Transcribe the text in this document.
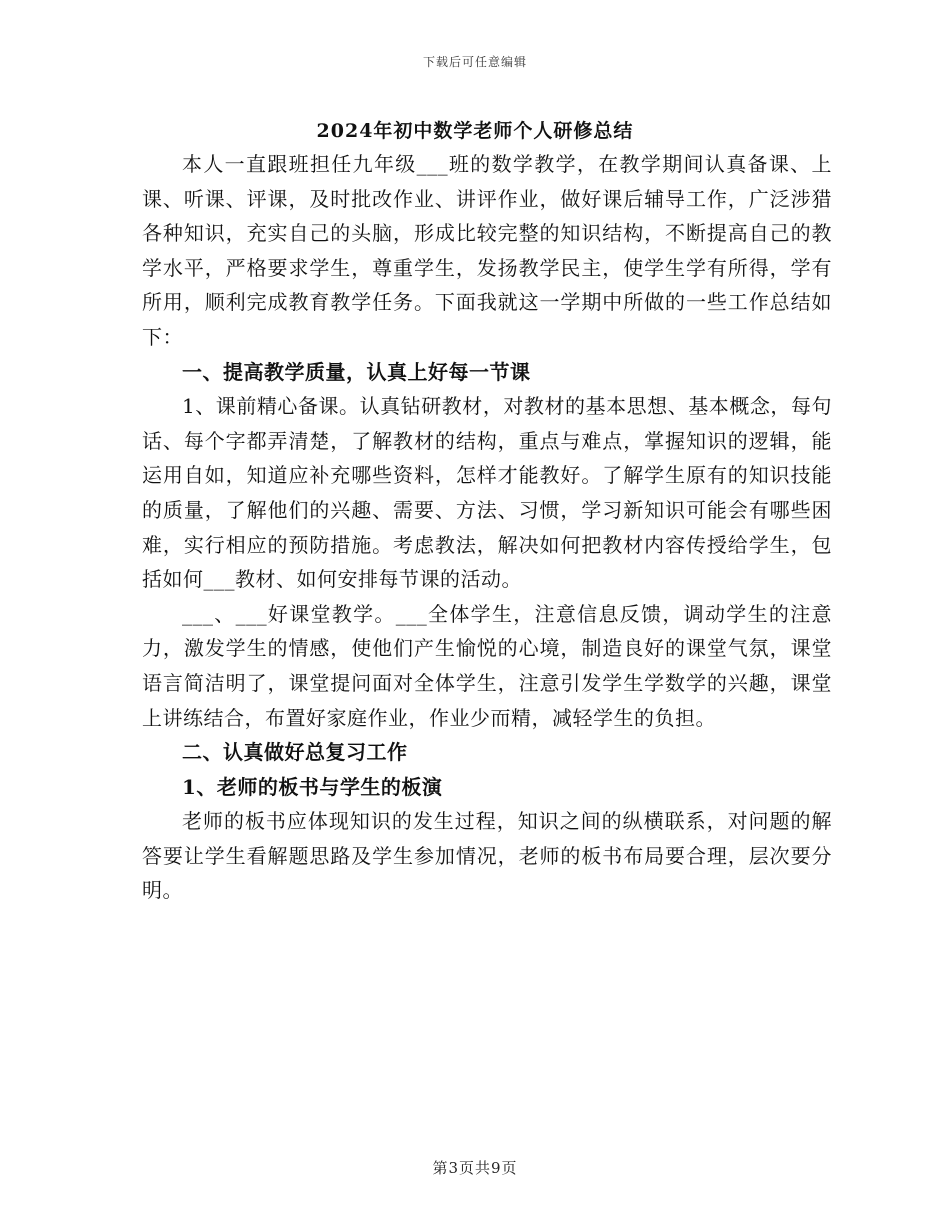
下载后可任意编辑
2024年初中数学老师个人研修总结

本人一直跟班担任九年级___班的数学教学，在教学期间认真备课、上课、听课、评课，及时批改作业、讲评作业，做好课后辅导工作，广泛涉猎各种知识，充实自己的头脑，形成比较完整的知识结构，不断提高自己的教学水平，严格要求学生，尊重学生，发扬教学民主，使学生学有所得，学有所用，顺利完成教育教学任务。下面我就这一学期中所做的一些工作总结如下：

一、提高教学质量，认真上好每一节课

1、课前精心备课。认真钻研教材，对教材的基本思想、基本概念，每句话、每个字都弄清楚，了解教材的结构，重点与难点，掌握知识的逻辑，能运用自如，知道应补充哪些资料，怎样才能教好。了解学生原有的知识技能的质量，了解他们的兴趣、需要、方法、习惯，学习新知识可能会有哪些困难，实行相应的预防措施。考虑教法，解决如何把教材内容传授给学生，包括如何___教材、如何安排每节课的活动。

___、___好课堂教学。___全体学生，注意信息反馈，调动学生的注意力，激发学生的情感，使他们产生愉悦的心境，制造良好的课堂气氛，课堂语言简洁明了，课堂提问面对全体学生，注意引发学生学数学的兴趣，课堂上讲练结合，布置好家庭作业，作业少而精，减轻学生的负担。

二、认真做好总复习工作

1、老师的板书与学生的板演

老师的板书应体现知识的发生过程，知识之间的纵横联系，对问题的解答要让学生看解题思路及学生参加情况，老师的板书布局要合理，层次要分明。

第3页共9页
